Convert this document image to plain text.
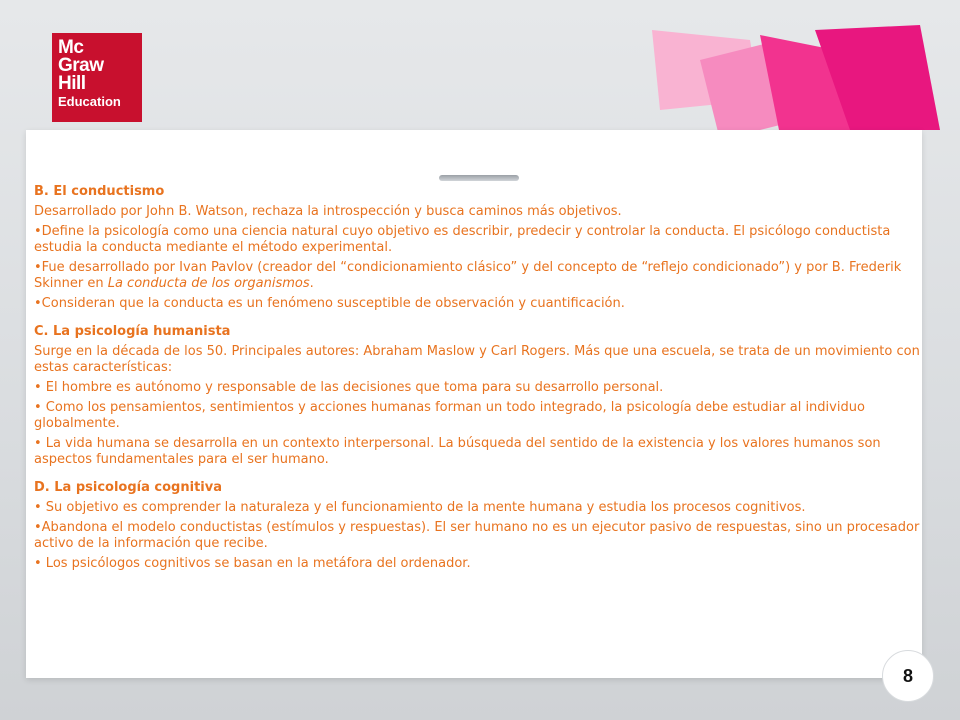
Mc
Graw
Hill
Education

B. El conductismo

Desarrollado por John B. Watson, rechaza la introspección y busca caminos más objetivos.

•Define la psicología como una ciencia natural cuyo objetivo es describir, predecir y controlar la conducta. El psicólogo conductista estudia la conducta mediante el método experimental.

•Fue desarrollado por Ivan Pavlov (creador del “condicionamiento clásico” y del concepto de “reflejo condicionado”) y por B. Frederik Skinner en La conducta de los organismos.

•Consideran que la conducta es un fenómeno susceptible de observación y cuantificación.

C. La psicología humanista

Surge en la década de los 50. Principales autores: Abraham Maslow y Carl Rogers. Más que una escuela, se trata de un movimiento con estas características:

• El hombre es autónomo y responsable de las decisiones que toma para su desarrollo personal.

• Como los pensamientos, sentimientos y acciones humanas forman un todo integrado, la psicología debe estudiar al individuo globalmente.

• La vida humana se desarrolla en un contexto interpersonal. La búsqueda del sentido de la existencia y los valores humanos son aspectos fundamentales para el ser humano.

D. La psicología cognitiva

• Su objetivo es comprender la naturaleza y el funcionamiento de la mente humana y estudia los procesos cognitivos.

•Abandona el modelo conductistas (estímulos y respuestas). El ser humano no es un ejecutor pasivo de respuestas, sino un procesador activo de la información que recibe.

• Los psicólogos cognitivos se basan en la metáfora del ordenador.

8
